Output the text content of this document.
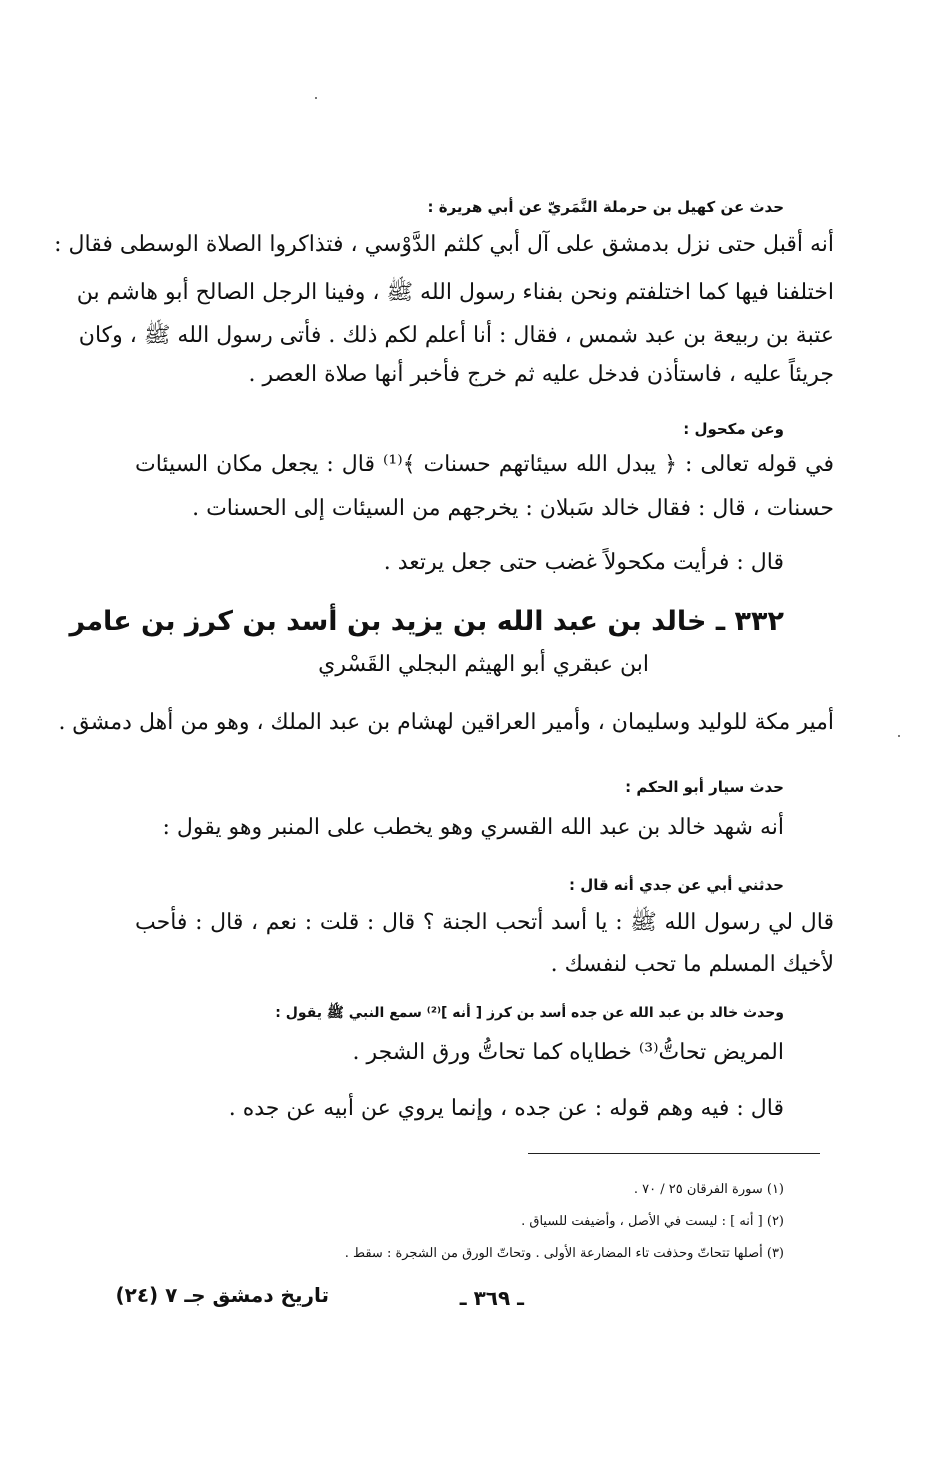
حدث عن كهيل بن حرملة النَّمَريّ عن أبي هريرة :
أنه أقبل حتى نزل بدمشق على آل أبي كلثم الدَّوْسي ، فتذاكروا الصلاة الوسطى فقال :
اختلفنا فيها كما اختلفتم ونحن بفناء رسول الله ﷺ ، وفينا الرجل الصالح أبو هاشم بن
عتبة بن ربيعة بن عبد شمس ، فقال : أنا أعلم لكم ذلك . فأتى رسول الله ﷺ ، وكان
جريئاً عليه ، فاستأذن فدخل عليه ثم خرج فأخبر أنها صلاة العصر .
وعن مكحول :
في قوله تعالى : ﴿ يبدل الله سيئاتهم حسنات ﴾⁽¹⁾ قال : يجعل مكان السيئات
حسنات ، قال : فقال خالد سَبلان : يخرجهم من السيئات إلى الحسنات .
قال : فرأيت مكحولاً غضب حتى جعل يرتعد .
٣٣٢ ـ خالد بن عبد الله بن يزيد بن أسد بن كرز بن عامر
ابن عبقري أبو الهيثم البجلي القَسْري
أمير مكة للوليد وسليمان ، وأمير العراقين لهشام بن عبد الملك ، وهو من أهل دمشق .
حدث سيار أبو الحكم :
أنه شهد خالد بن عبد الله القسري وهو يخطب على المنبر وهو يقول :
حدثني أبي عن جدي أنه قال :
قال لي رسول الله ﷺ : يا أسد أتحب الجنة ؟ قال : قلت : نعم ، قال : فأحب
لأخيك المسلم ما تحب لنفسك .
وحدث خالد بن عبد الله عن جده أسد بن كرز [ أنه ]⁽²⁾ سمع النبي ﷺ يقول :
المريض تحاتُّ⁽³⁾ خطاياه كما تحاتُّ ورق الشجر .
قال : فيه وهم قوله : عن جده ، وإنما يروي عن أبيه عن جده .
(١) سورة الفرقان ٢٥ / ٧٠ .
(٢) [ أنه ] : ليست في الأصل ، وأضيفت للسياق .
(٣) أصلها تتحاتّ وحذفت تاء المضارعة الأولى . وتحاتّ الورق من الشجرة : سقط .
ـ ٣٦٩ ـ
تاريخ دمشق جـ ٧ (٢٤)
